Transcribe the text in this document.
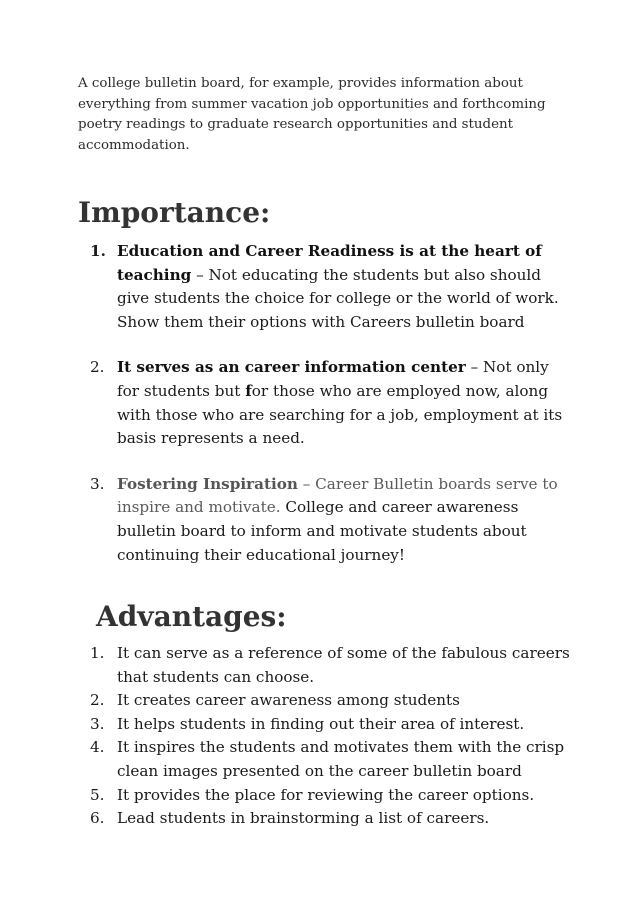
A college bulletin board, for example, provides information about everything from summer vacation job opportunities and forthcoming poetry readings to graduate research opportunities and student accommodation.

Importance:
1. Education and Career Readiness is at the heart of teaching – Not educating the students but also should give students the choice for college or the world of work. Show them their options with Careers bulletin board
2. It serves as an career information center – Not only for students but for those who are employed now, along with those who are searching for a job, employment at its basis represents a need.
3. Fostering Inspiration – Career Bulletin boards serve to inspire and motivate. College and career awareness bulletin board to inform and motivate students about continuing their educational journey!
Advantages:
1. It can serve as a reference of some of the fabulous careers that students can choose.
2. It creates career awareness among students
3. It helps students in finding out their area of interest.
4. It inspires the students and motivates them with the crisp clean images presented on the career bulletin board
5. It provides the place for reviewing the career options.
6. Lead students in brainstorming a list of careers.
